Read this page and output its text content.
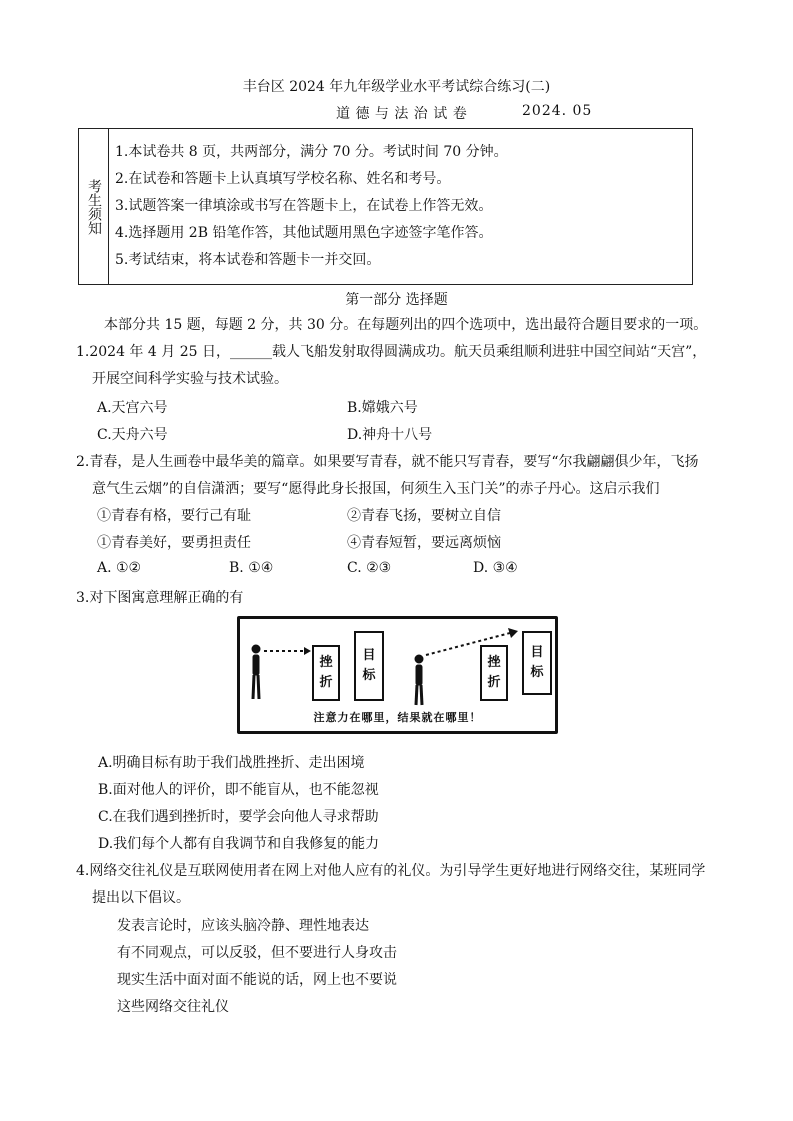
丰台区 2024 年九年级学业水平考试综合练习(二)
道 德 与 法 治 试 卷	2024. 05
考生须知
1.本试卷共 8 页，共两部分，满分 70 分。考试时间 70 分钟。
2.在试卷和答题卡上认真填写学校名称、姓名和考号。
3.试题答案一律填涂或书写在答题卡上，在试卷上作答无效。
4.选择题用 2B 铅笔作答，其他试题用黑色字迹签字笔作答。
5.考试结束，将本试卷和答题卡一并交回。
第一部分 选择题
本部分共 15 题，每题 2 分，共 30 分。在每题列出的四个选项中，选出最符合题目要求的一项。
1.2024 年 4 月 25 日，______载人飞船发射取得圆满成功。航天员乘组顺利进驻中国空间站“天宫”，
开展空间科学实验与技术试验。
A.天宫六号	B.嫦娥六号
C.天舟六号	D.神舟十八号
2.青春，是人生画卷中最华美的篇章。如果要写青春，就不能只写青春，要写“尔我翩翩俱少年，飞扬
意气生云烟”的自信潇洒；要写“愿得此身长报国，何须生入玉门关”的赤子丹心。这启示我们
①青春有格，要行己有耻	②青春飞扬，要树立自信
①青春美好，要勇担责任	④青春短暂，要远离烦恼
A. ①②	B. ①④	C. ②③	D. ③④
3.对下图寓意理解正确的有
挫折
目标
挫折
目标
注意力在哪里，结果就在哪里！
A.明确目标有助于我们战胜挫折、走出困境
B.面对他人的评价，即不能盲从，也不能忽视
C.在我们遇到挫折时，要学会向他人寻求帮助
D.我们每个人都有自我调节和自我修复的能力
4.网络交往礼仪是互联网使用者在网上对他人应有的礼仪。为引导学生更好地进行网络交往，某班同学
提出以下倡议。
发表言论时，应该头脑冷静、理性地表达
有不同观点，可以反驳，但不要进行人身攻击
现实生活中面对面不能说的话，网上也不要说
这些网络交往礼仪
